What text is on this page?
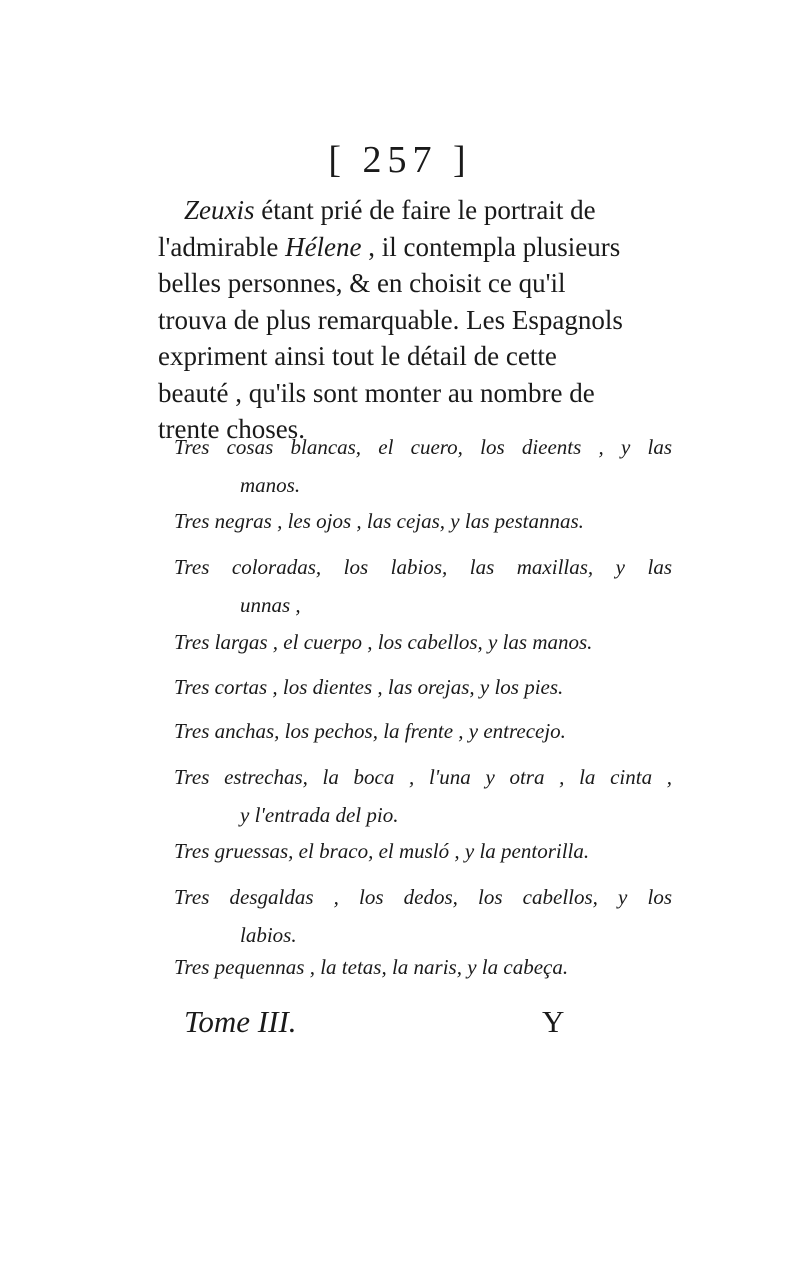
[ 257 ]
Zeuxis étant prié de faire le portrait de
l'admirable Hélene , il contempla plusieurs
belles personnes, & en choisit ce qu'il
trouva de plus remarquable. Les Espagnols
expriment ainsi tout le détail de cette
beauté , qu'ils sont monter au nombre de
trente choses.
Tres cosas blancas, el cuero, los dieents , y las
manos.
Tres negras , les ojos , las cejas, y las pestannas.
Tres coloradas, los labios, las maxillas, y las
unnas ,
Tres largas , el cuerpo , los cabellos, y las manos.
Tres cortas , los dientes , las orejas, y los pies.
Tres anchas, los pechos, la frente , y entrecejo.
Tres estrechas, la boca , l'una y otra , la cinta ,
y l'entrada del pio.
Tres gruessas, el braco, el musló , y la pentorilla.
Tres desgaldas , los dedos, los cabellos, y los
labios.
Tres pequennas , la tetas, la naris, y la cabeça.
Tome III.	Y
